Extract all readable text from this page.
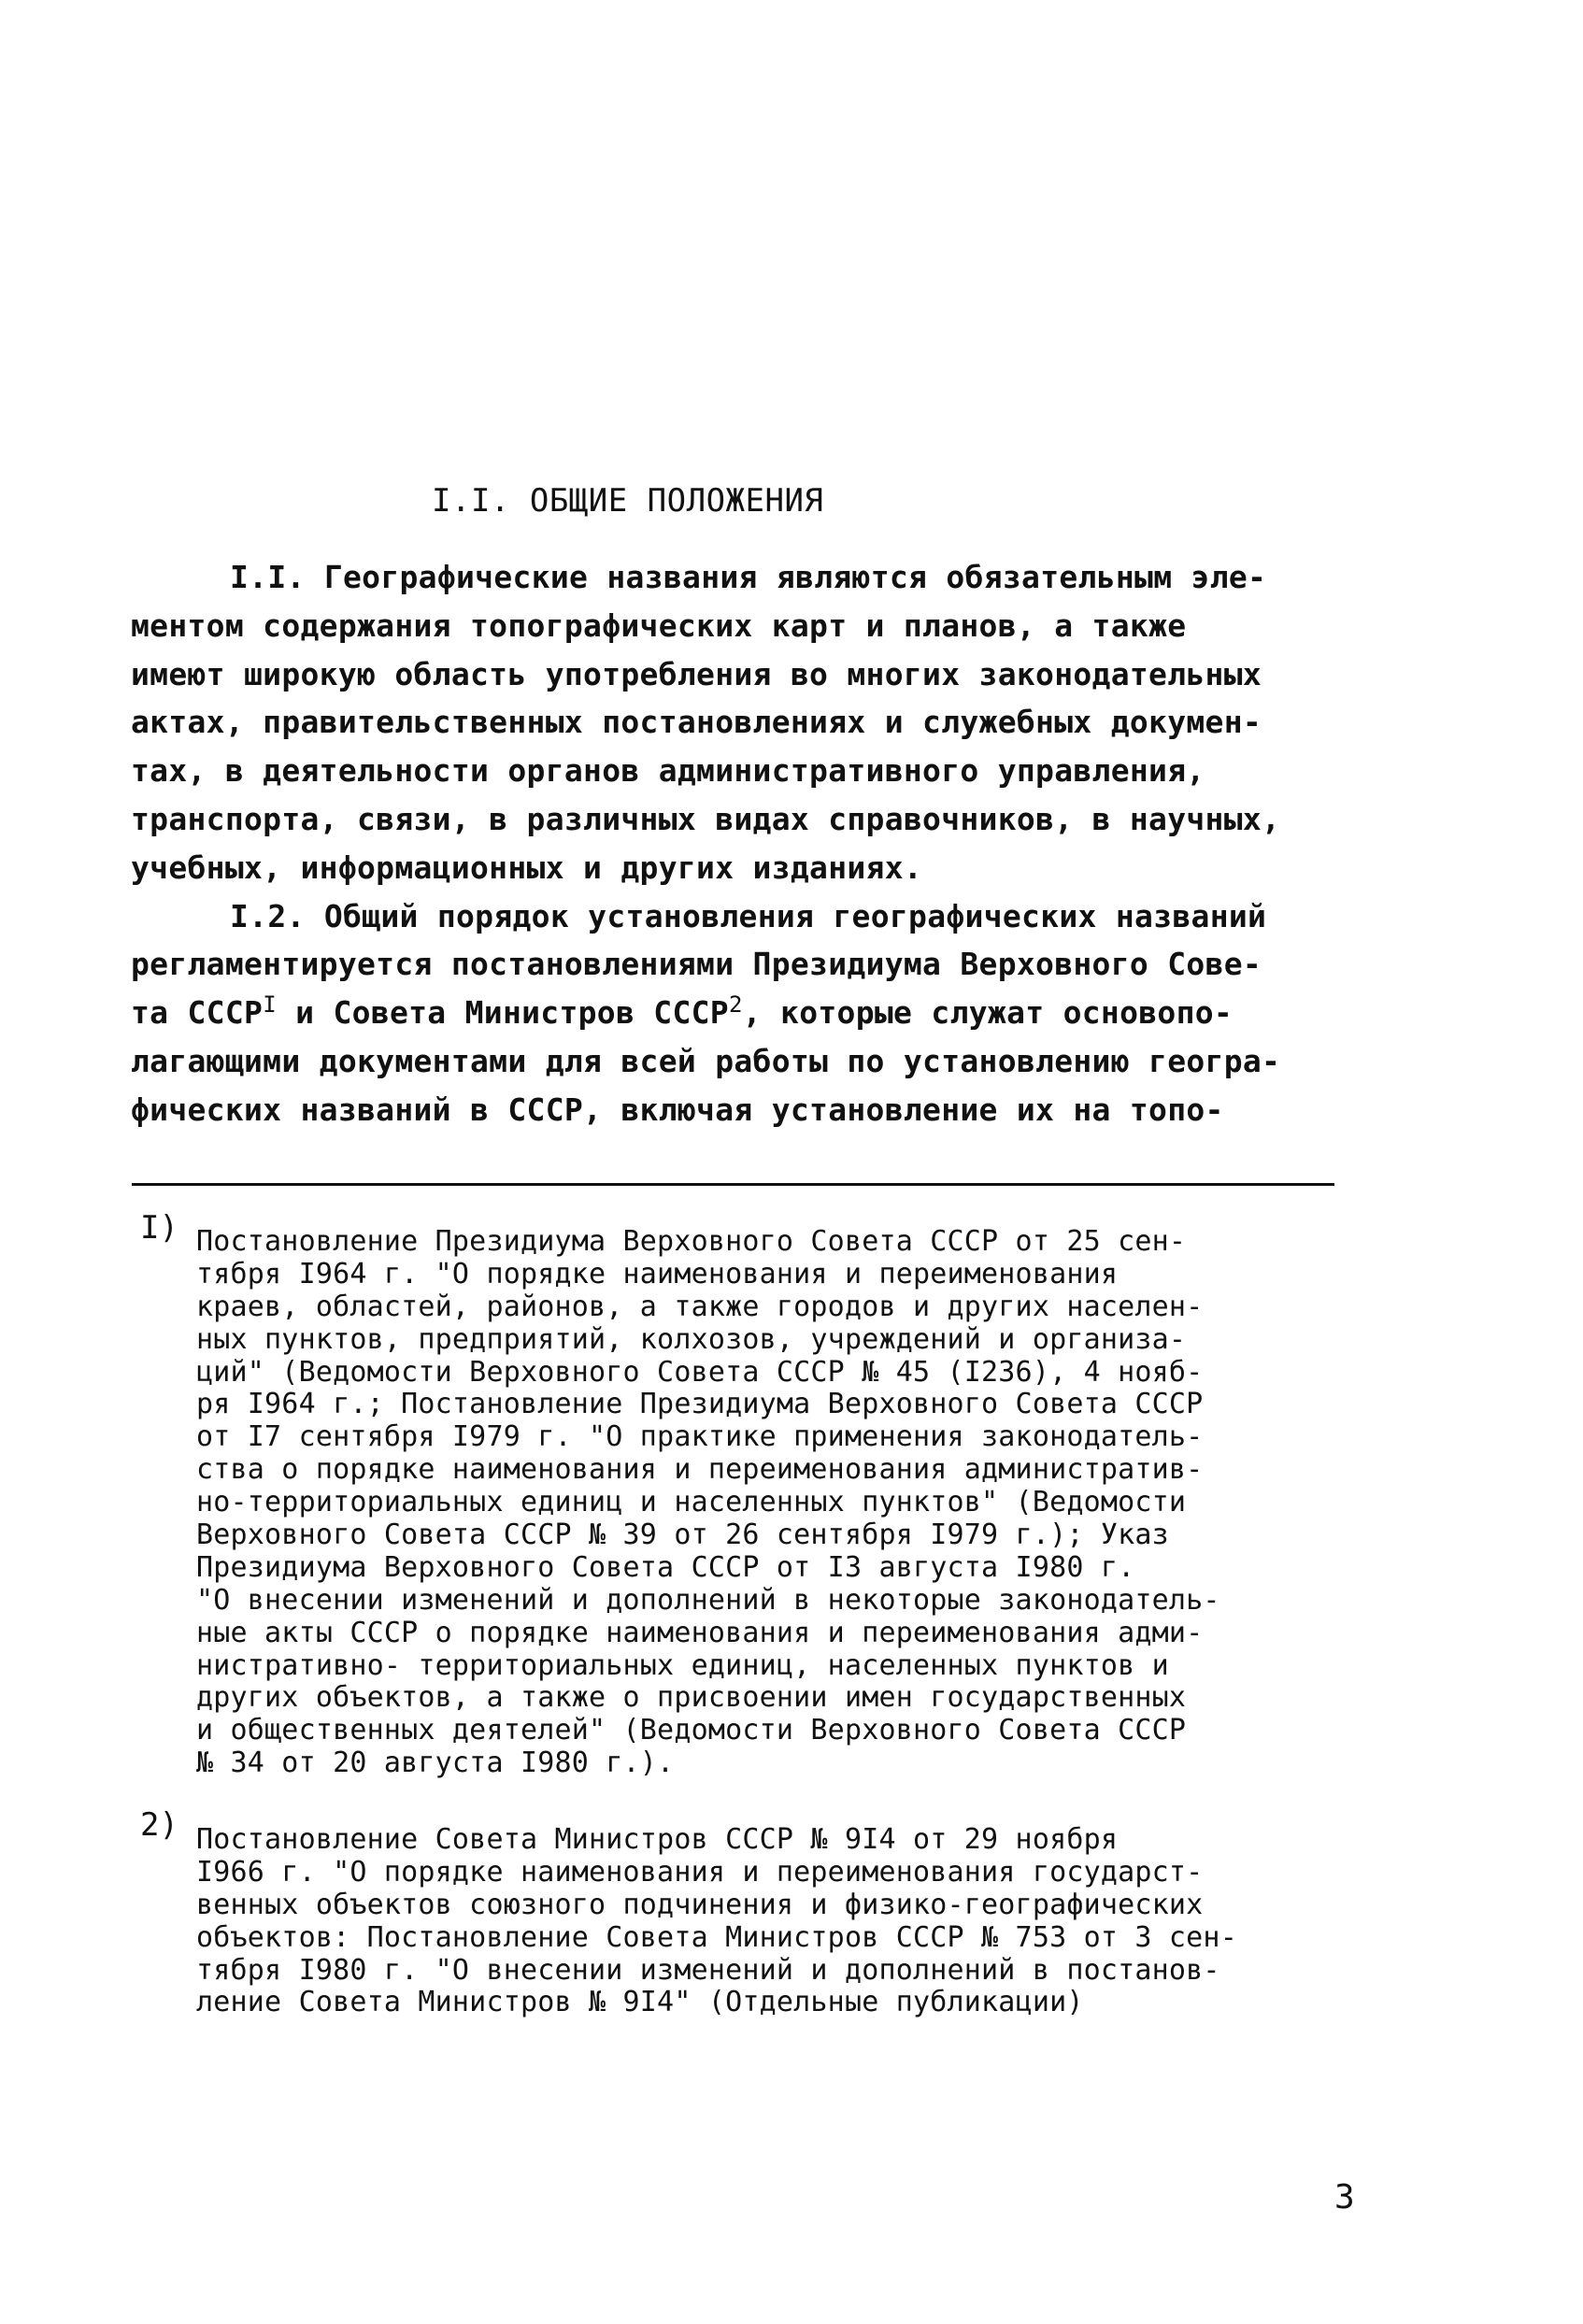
I.I. ОБЩИЕ ПОЛОЖЕНИЯ
I.I. Географические названия являются обязательным эле-
ментом содержания топографических карт и планов, а также
имеют широкую область употребления во многих законодательных
актах, правительственных постановлениях и служебных докумен-
тах, в деятельности органов административного управления,
транспорта, связи, в различных видах справочников, в научных,
учебных, информационных и других изданиях.
I.2. Общий порядок установления географических названий
регламентируется постановлениями Президиума Верховного Сове-
та $СССР^I$ и Совета Министров СССР$^2$, которые служат основопо-
лагающими документами для всей работы по установлению геогра-
фических названий в СССР, включая установление их на топо-
I) Постановление Президиума Верховного Совета СССР от 25 сен-
тября I964 г. "О порядке наименования и переименования
краев, областей, районов, а также городов и других населен-
ных пунктов, предприятий, колхозов, учреждений и организа-
ций" (Ведомости Верховного Совета СССР № 45 (I236), 4 нояб-
ря I964 г.; Постановление Президиума Верховного Совета СССР
от I7 сентября I979 г. "О практике применения законодатель-
ства о порядке наименования и переименования административ-
но-территориальных единиц и населенных пунктов" (Ведомости
Верховного Совета СССР № 39 от 26 сентября I979 г.); Указ
Президиума Верховного Совета СССР от I3 августа I980 г.
"О внесении изменений и дополнений в некоторые законодатель-
ные акты СССР о порядке наименования и переименования адми-
нистративно- территориальных единиц, населенных пунктов и
других объектов, а также о присвоении имен государственных
и общественных деятелей" (Ведомости Верховного Совета СССР
№ 34 от 20 августа I980 г.).
2) Постановление Совета Министров СССР № 9I4 от 29 ноября
I966 г. "О порядке наименования и переименования государст-
венных объектов союзного подчинения и физико-географических
объектов: Постановление Совета Министров СССР № 753 от 3 сен-
тября I980 г. "О внесении изменений и дополнений в постанов-
ление Совета Министров № 9I4" (Отдельные публикации)
3
